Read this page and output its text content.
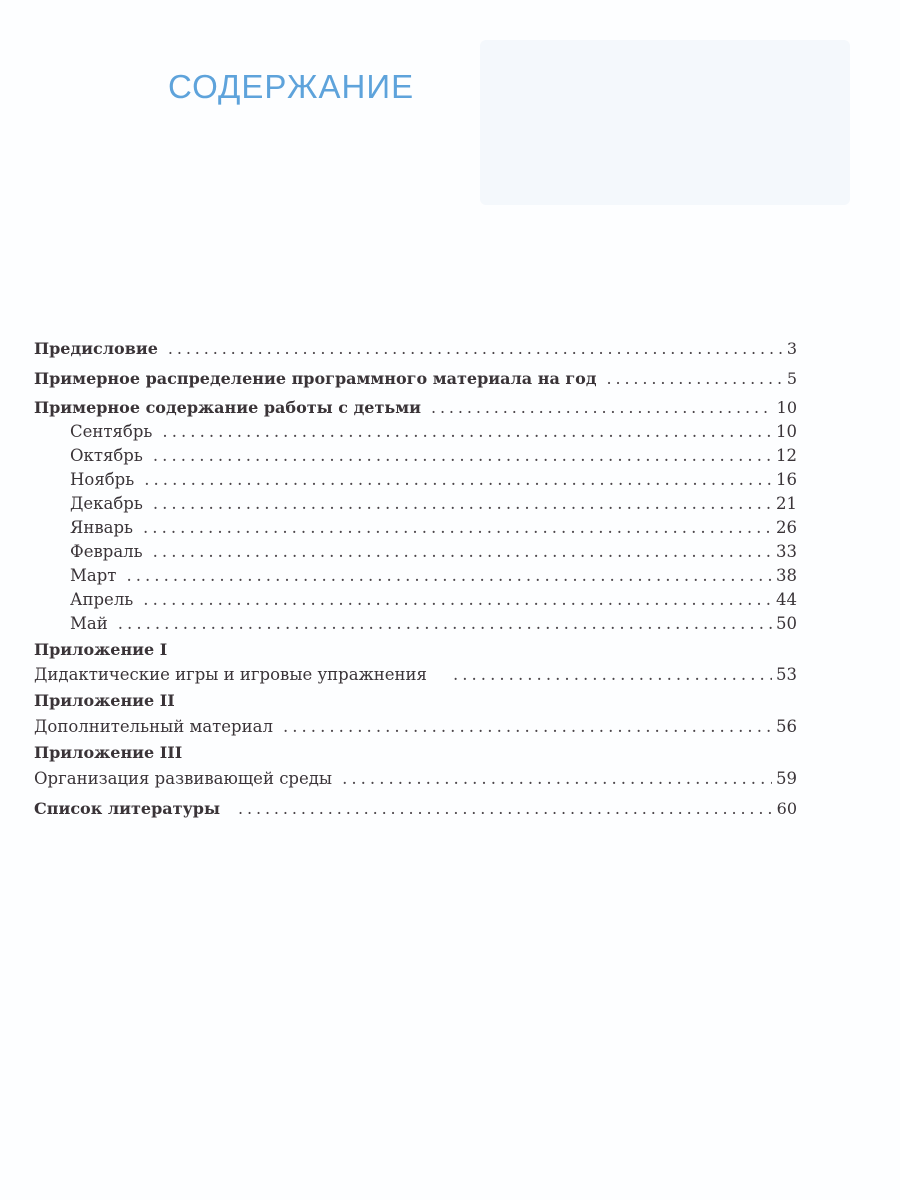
СОДЕРЖАНИЕ
Предисловие . . .	3
Примерное распределение программного материала на год . . .	5
Примерное содержание работы с детьми . . .	10
Сентябрь . . .	10
Октябрь . . .	12
Ноябрь . . .	16
Декабрь . . .	21
Январь . . .	26
Февраль . . .	33
Март . . .	38
Апрель . . .	44
Май . . .	50
Приложение I
Дидактические игры и игровые упражнения . . .	53
Приложение II
Дополнительный материал . . .	56
Приложение III
Организация развивающей среды . . .	59
Список литературы . . .	60
